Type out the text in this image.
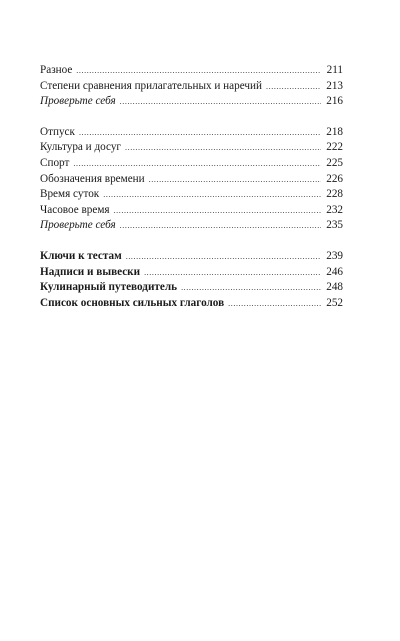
Разное .....	211
Степени сравнения прилагательных и наречий .....	213
Проверьте себя .....	216
Отпуск .....	218
Культура и досуг .....	222
Спорт .....	225
Обозначения времени .....	226
Время суток .....	228
Часовое время .....	232
Проверьте себя .....	235
Ключи к тестам .....	239
Надписи и вывески .....	246
Кулинарный путеводитель .....	248
Список основных сильных глаголов .....	252
